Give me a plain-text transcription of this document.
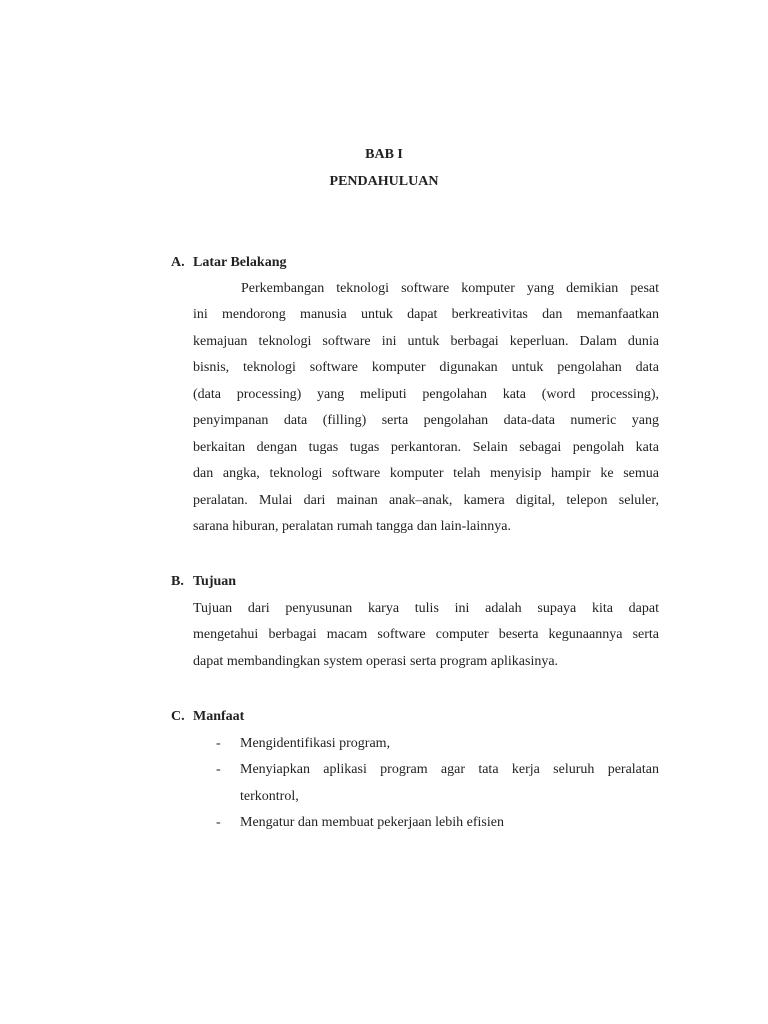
BAB I
PENDAHULUAN
A. Latar Belakang
Perkembangan teknologi software komputer yang demikian pesat
ini mendorong manusia untuk dapat berkreativitas dan memanfaatkan
kemajuan teknologi software ini untuk berbagai keperluan. Dalam dunia
bisnis, teknologi software komputer digunakan untuk pengolahan data
(data processing) yang meliputi pengolahan kata (word processing),
penyimpanan data (filling) serta pengolahan data-data numeric yang
berkaitan dengan tugas tugas perkantoran. Selain sebagai pengolah kata
dan angka, teknologi software komputer telah menyisip hampir ke semua
peralatan. Mulai dari mainan anak–anak, kamera digital, telepon seluler,
sarana hiburan, peralatan rumah tangga dan lain-lainnya.
B. Tujuan
Tujuan dari penyusunan karya tulis ini adalah supaya kita dapat
mengetahui berbagai macam software computer beserta kegunaannya serta
dapat membandingkan system operasi serta program aplikasinya.
C. Manfaat
- Mengidentifikasi program,
- Menyiapkan aplikasi program agar tata kerja seluruh peralatan
terkontrol,
- Mengatur dan membuat pekerjaan lebih efisien
